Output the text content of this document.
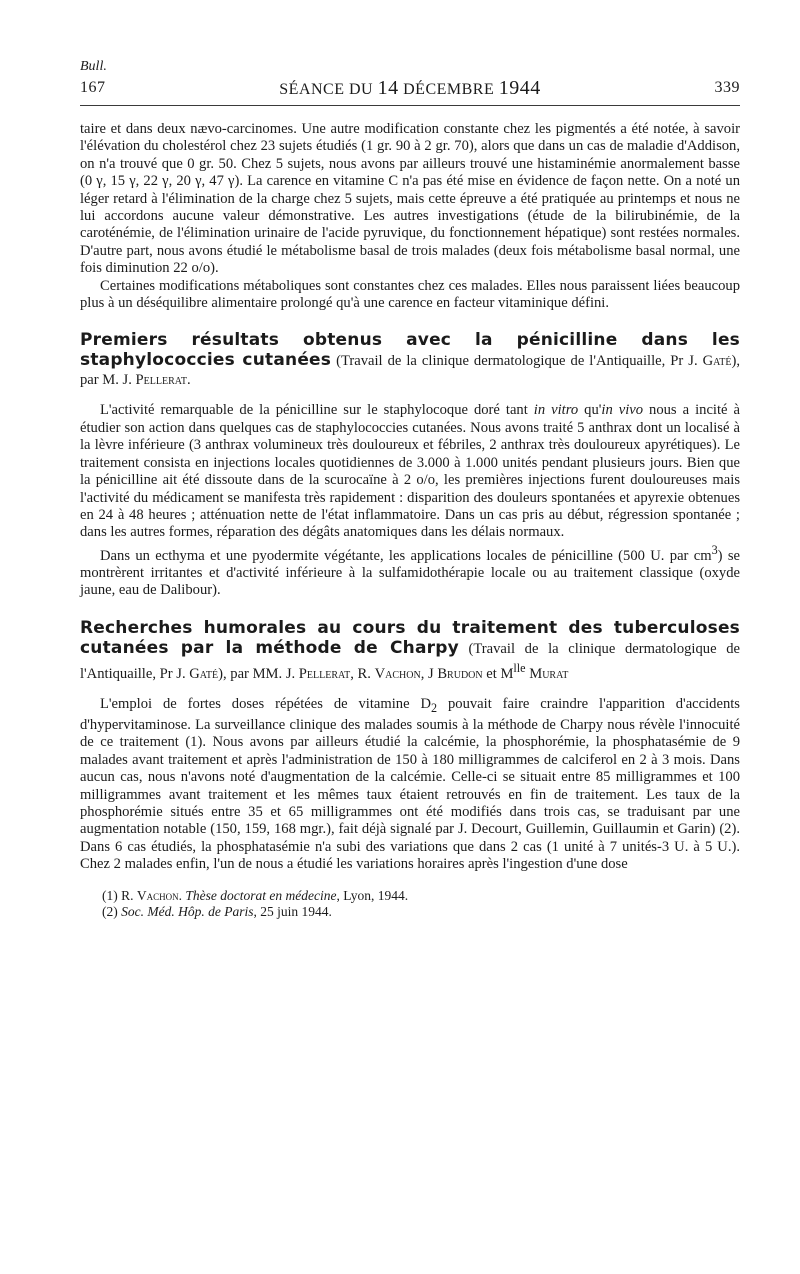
Bull.
167	SÉANCE DU 14 DÉCEMBRE 1944	339

taire et dans deux nævo-carcinomes. Une autre modification constante chez les pigmentés a été notée, à savoir l'élévation du cholestérol chez 23 sujets étudiés (1 gr. 90 à 2 gr. 70), alors que dans un cas de maladie d'Addison, on n'a trouvé que 0 gr. 50. Chez 5 sujets, nous avons par ailleurs trouvé une histaminémie anormalement basse (0 γ, 15 γ, 22 γ, 20 γ, 47 γ). La carence en vitamine C n'a pas été mise en évidence de façon nette. On a noté un léger retard à l'élimination de la charge chez 5 sujets, mais cette épreuve a été pratiquée au printemps et nous ne lui accordons aucune valeur démonstrative. Les autres investigations (étude de la bilirubinémie, de la caroténémie, de l'élimination urinaire de l'acide pyruvique, du fonctionnement hépatique) sont restées normales. D'autre part, nous avons étudié le métabolisme basal de trois malades (deux fois métabolisme basal normal, une fois diminution 22 o/o).

Certaines modifications métaboliques sont constantes chez ces malades. Elles nous paraissent liées beaucoup plus à un déséquilibre alimentaire prolongé qu'à une carence en facteur vitaminique défini.

Premiers résultats obtenus avec la pénicilline dans les staphylococcies cutanées (Travail de la clinique dermatologique de l'Antiquaille, Pr J. Gaté), par M. J. Pellerat.

L'activité remarquable de la pénicilline sur le staphylocoque doré tant in vitro qu'in vivo nous a incité à étudier son action dans quelques cas de staphylococcies cutanées. Nous avons traité 5 anthrax dont un localisé à la lèvre inférieure (3 anthrax volumineux très douloureux et fébriles, 2 anthrax très douloureux apyrétiques). Le traitement consista en injections locales quotidiennes de 3.000 à 1.000 unités pendant plusieurs jours. Bien que la pénicilline ait été dissoute dans de la scurocaïne à 2 o/o, les premières injections furent douloureuses mais l'activité du médicament se manifesta très rapidement : disparition des douleurs spontanées et apyrexie obtenues en 24 à 48 heures ; atténuation nette de l'état inflammatoire. Dans un cas pris au début, régression spontanée ; dans les autres formes, réparation des dégâts anatomiques dans les délais normaux.

Dans un ecthyma et une pyodermite végétante, les applications locales de pénicilline (500 U. par $cm^3$) se montrèrent irritantes et d'activité inférieure à la sulfamidothérapie locale ou au traitement classique (oxyde jaune, eau de Dalibour).

Recherches humorales au cours du traitement des tuberculoses cutanées par la méthode de Charpy (Travail de la clinique dermatologique de l'Antiquaille, Pr J. Gaté), par MM. J. Pellerat, R. Vachon, J Brudon et $M^{lle}$ Murat

L'emploi de fortes doses répétées de vitamine $D_2$ pouvait faire craindre l'apparition d'accidents d'hypervitaminose. La surveillance clinique des malades soumis à la méthode de Charpy nous révèle l'innocuité de ce traitement (1). Nous avons par ailleurs étudié la calcémie, la phosphorémie, la phosphatasémie de 9 malades avant traitement et après l'administration de 150 à 180 milligrammes de calciferol en 2 à 3 mois. Dans aucun cas, nous n'avons noté d'augmentation de la calcémie. Celle-ci se situait entre 85 milligrammes et 100 milligrammes avant traitement et les mêmes taux étaient retrouvés en fin de traitement. Les taux de la phosphorémie situés entre 35 et 65 milligrammes ont été modifiés dans trois cas, se traduisant par une augmentation notable (150, 159, 168 mgr.), fait déjà signalé par J. Decourt, Guillemin, Guillaumin et Garin) (2). Dans 6 cas étudiés, la phosphatasémie n'a subi des variations que dans 2 cas (1 unité à 7 unités-3 U. à 5 U.). Chez 2 malades enfin, l'un de nous a étudié les variations horaires après l'ingestion d'une dose

(1) R. Vachon. Thèse doctorat en médecine, Lyon, 1944.
(2) Soc. Méd. Hôp. de Paris, 25 juin 1944.
